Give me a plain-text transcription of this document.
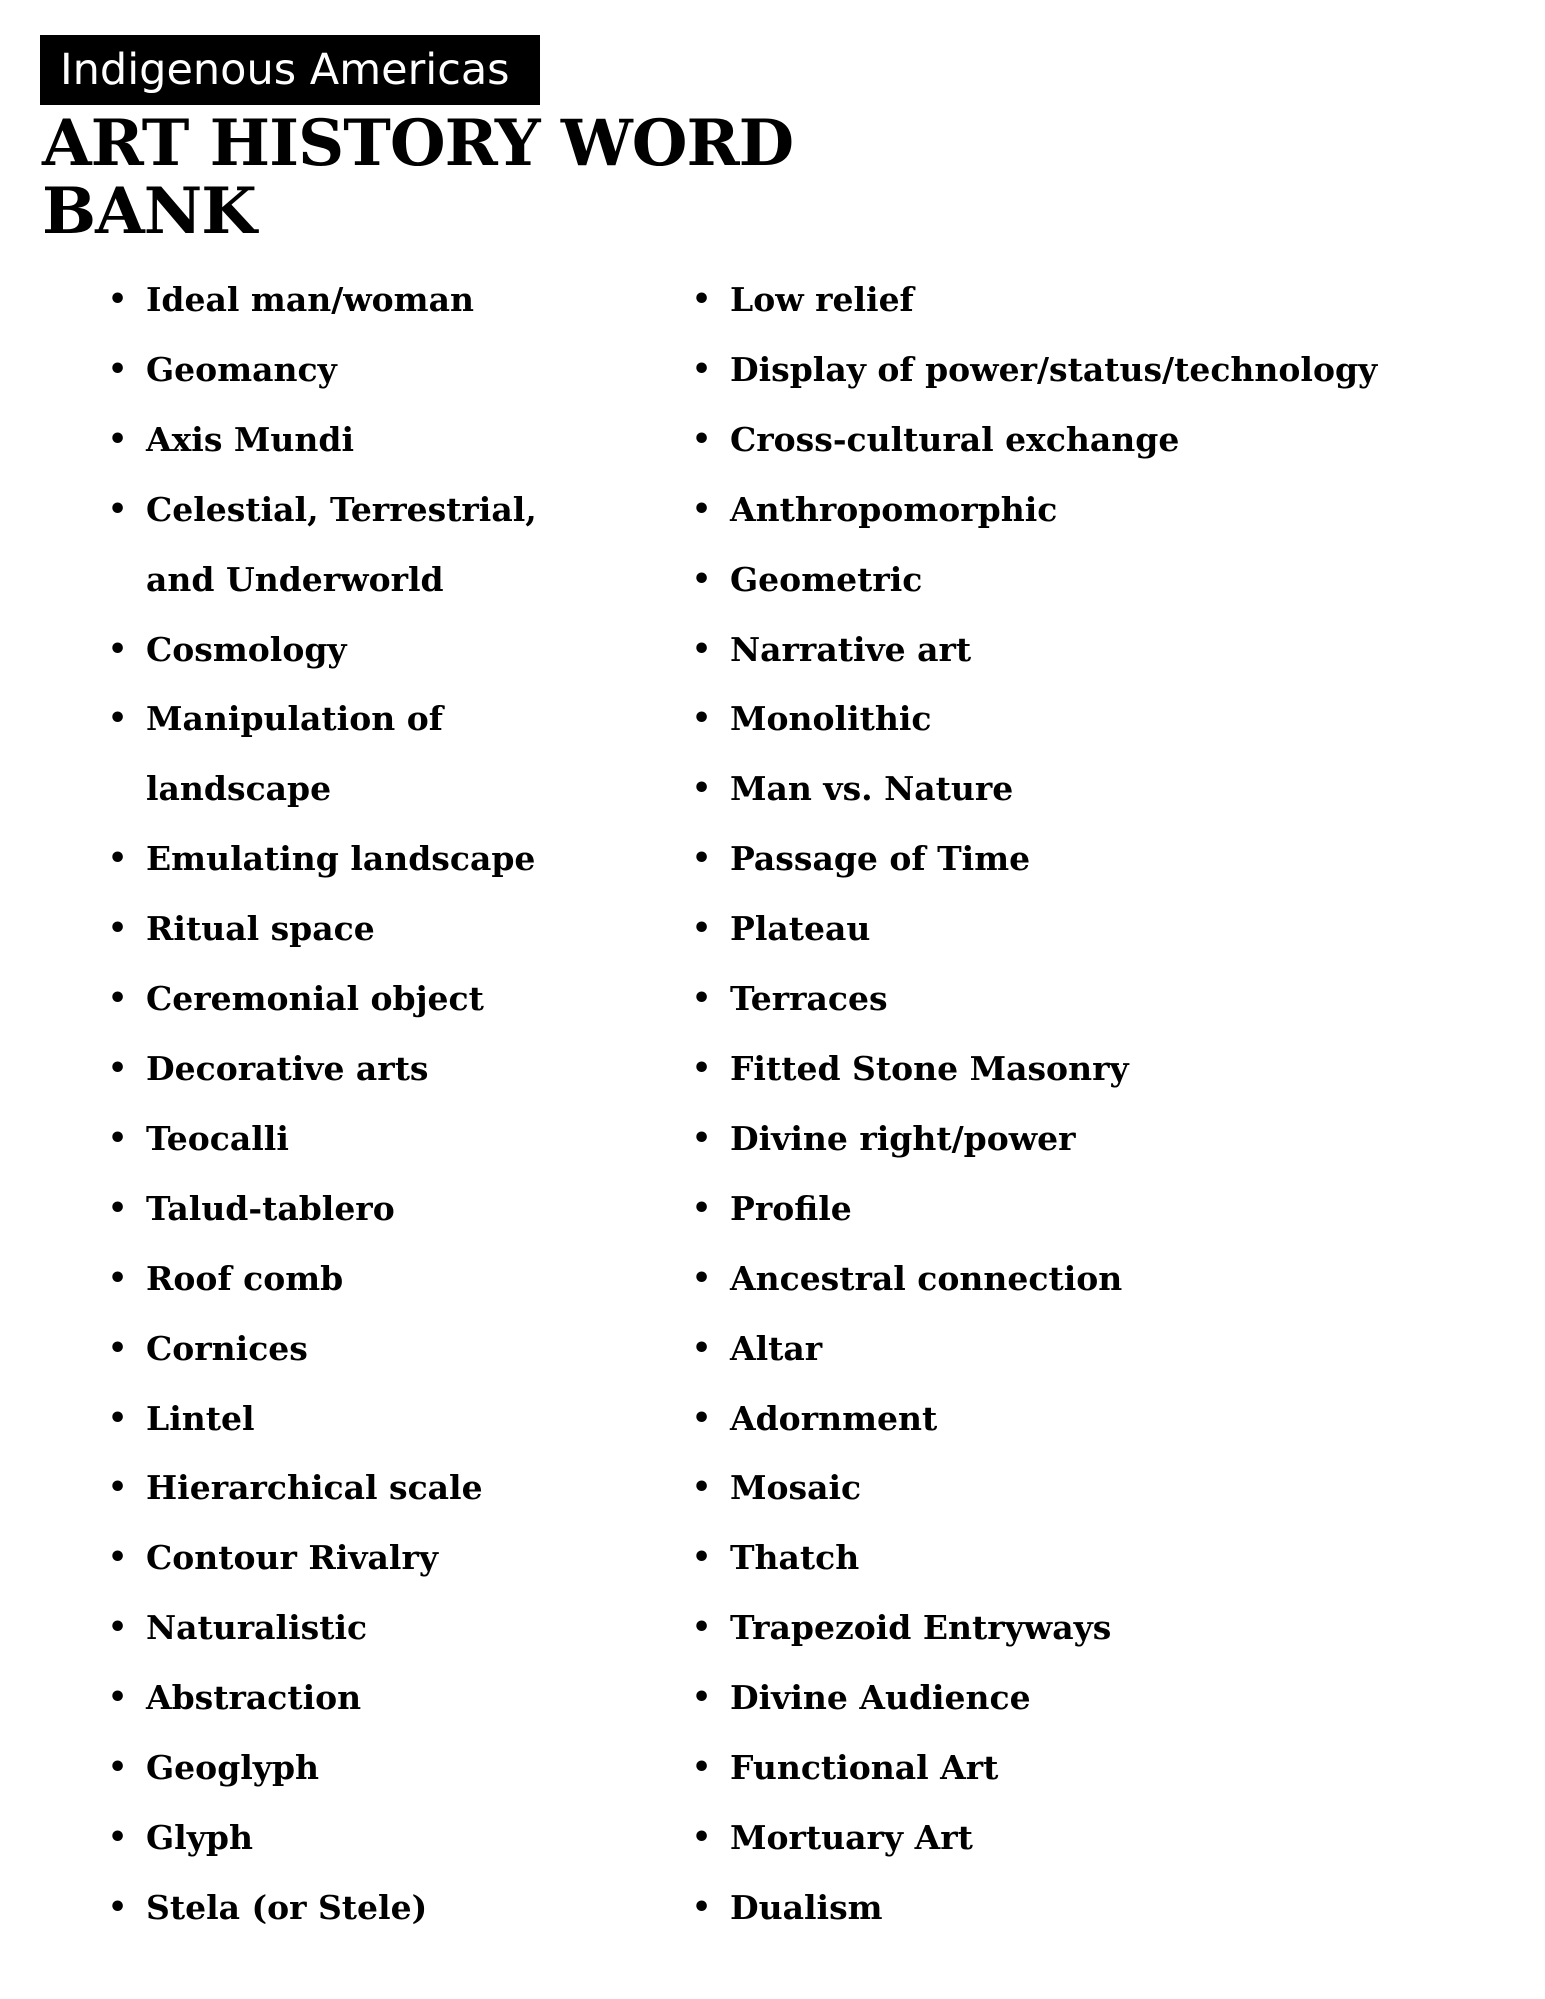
Indigenous Americas
ART HISTORY WORD
BANK
• Ideal man/woman
• Geomancy
• Axis Mundi
• Celestial, Terrestrial, and Underworld
• Cosmology
• Manipulation of landscape
• Emulating landscape
• Ritual space
• Ceremonial object
• Decorative arts
• Teocalli
• Talud-tablero
• Roof comb
• Cornices
• Lintel
• Hierarchical scale
• Contour Rivalry
• Naturalistic
• Abstraction
• Geoglyph
• Glyph
• Stela (or Stele)
• Low relief
• Display of power/status/technology
• Cross-cultural exchange
• Anthropomorphic
• Geometric
• Narrative art
• Monolithic
• Man vs. Nature
• Passage of Time
• Plateau
• Terraces
• Fitted Stone Masonry
• Divine right/power
• Profile
• Ancestral connection
• Altar
• Adornment
• Mosaic
• Thatch
• Trapezoid Entryways
• Divine Audience
• Functional Art
• Mortuary Art
• Dualism
